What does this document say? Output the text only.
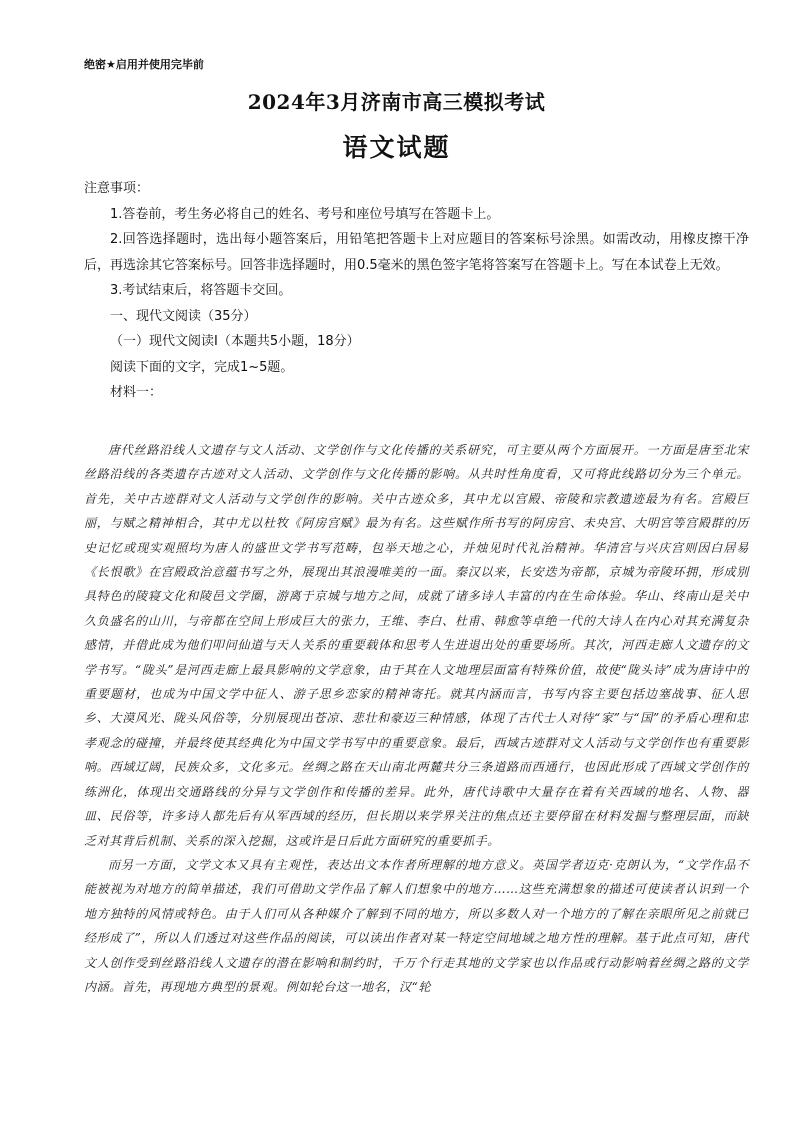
绝密★启用并使用完毕前
2024年3月济南市高三模拟考试
语文试题

注意事项：

1.答卷前，考生务必将自己的姓名、考号和座位号填写在答题卡上。

2.回答选择题时，选出每小题答案后，用铅笔把答题卡上对应题目的答案标号涂黑。如需改动，用橡皮擦干净后，再选涂其它答案标号。回答非选择题时，用0.5毫米的黑色签字笔将答案写在答题卡上。写在本试卷上无效。

3.考试结束后，将答题卡交回。

一、现代文阅读（35分）

（一）现代文阅读Ⅰ（本题共5小题，18分）

阅读下面的文字，完成1~5题。

材料一：

唐代丝路沿线人文遗存与文人活动、文学创作与文化传播的关系研究，可主要从两个方面展开。一方面是唐至北宋丝路沿线的各类遗存古迹对文人活动、文学创作与文化传播的影响。从共时性角度看，又可将此线路切分为三个单元。首先，关中古迹群对文人活动与文学创作的影响。关中古迹众多，其中尤以宫殿、帝陵和宗教遗迹最为有名。宫殿巨丽，与赋之精神相合，其中尤以杜牧《阿房宫赋》最为有名。这些赋作所书写的阿房宫、未央宫、大明宫等宫殿群的历史记忆或现实观照均为唐人的盛世文学书写范畴，包举天地之心，并烛见时代礼治精神。华清宫与兴庆宫则因白居易《长恨歌》在宫殿政治意蕴书写之外，展现出其浪漫唯美的一面。秦汉以来，长安迭为帝都，京城为帝陵环拥，形成别具特色的陵寝文化和陵邑文学圈，游离于京城与地方之间，成就了诸多诗人丰富的内在生命体验。华山、终南山是关中久负盛名的山川，与帝都在空间上形成巨大的张力，王维、李白、杜甫、韩愈等卓绝一代的大诗人在内心对其充满复杂感情，并借此成为他们叩问仙道与天人关系的重要载体和思考人生进退出处的重要场所。其次，河西走廊人文遗存的文学书写。“陇头”是河西走廊上最具影响的文学意象，由于其在人文地理层面富有特殊价值，故使“陇头诗”成为唐诗中的重要题材，也成为中国文学中征人、游子思乡恋家的精神寄托。就其内涵而言，书写内容主要包括边塞战事、征人思乡、大漠风光、陇头风俗等，分别展现出苍凉、悲壮和豪迈三种情感，体现了古代士人对待“家”与“国”的矛盾心理和忠孝观念的碰撞，并最终使其经典化为中国文学书写中的重要意象。最后，西域古迹群对文人活动与文学创作也有重要影响。西域辽阔，民族众多，文化多元。丝绸之路在天山南北两麓共分三条道路而西通行，也因此形成了西域文学创作的练洲化，体现出交通路线的分异与文学创作和传播的差异。此外，唐代诗歌中大量存在着有关西域的地名、人物、器皿、民俗等，许多诗人都先后有从军西域的经历，但长期以来学界关注的焦点还主要停留在材料发掘与整理层面，而缺乏对其背后机制、关系的深入挖掘，这或许是日后此方面研究的重要抓手。

而另一方面，文学文本又具有主观性，表达出文本作者所理解的地方意义。英国学者迈克·克朗认为，“文学作品不能被视为对地方的简单描述，我们可借助文学作品了解人们想象中的地方……这些充满想象的描述可使读者认识到一个地方独特的风情或特色。由于人们可从各种媒介了解到不同的地方，所以多数人对一个地方的了解在亲眼所见之前就已经形成了”，所以人们透过对这些作品的阅读，可以读出作者对某一特定空间地域之地方性的理解。基于此点可知，唐代文人创作受到丝路沿线人文遗存的潜在影响和制约时，千万个行走其地的文学家也以作品或行动影响着丝绸之路的文学内涵。首先，再现地方典型的景观。例如轮台这一地名，汉“轮
